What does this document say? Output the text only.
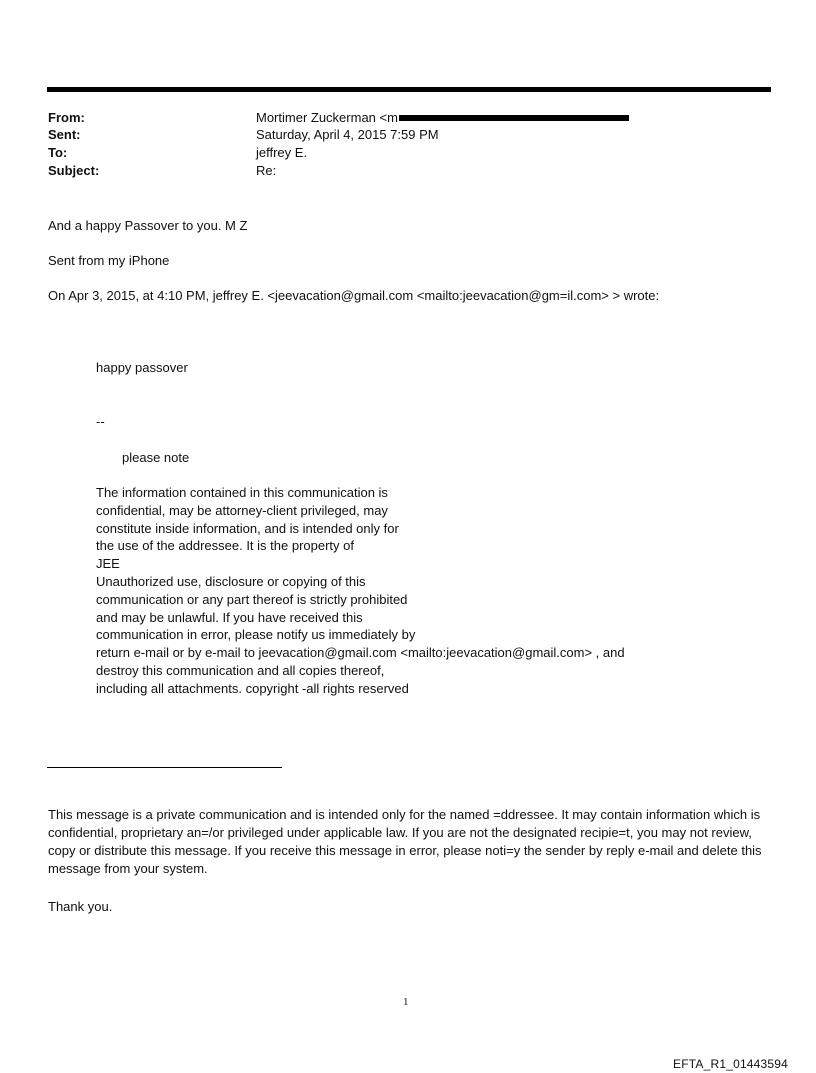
From:	Mortimer Zuckerman <m
Sent:	Saturday, April 4, 2015 7:59 PM
To:	jeffrey E.
Subject:	Re:
And a happy Passover to you. M Z
Sent from my iPhone
On Apr 3, 2015, at 4:10 PM, jeffrey E. <jeevacation@gmail.com <mailto:jeevacation@gm=il.com> > wrote:
happy passover
--
please note
The information contained in this communication is
confidential, may be attorney-client privileged, may
constitute inside information, and is intended only for
the use of the addressee. It is the property of
JEE
Unauthorized use, disclosure or copying of this
communication or any part thereof is strictly prohibited
and may be unlawful. If you have received this
communication in error, please notify us immediately by
return e-mail or by e-mail to jeevacation@gmail.com <mailto:jeevacation@gmail.com> , and
destroy this communication and all copies thereof,
including all attachments. copyright -all rights reserved
This message is a private communication and is intended only for the named =ddressee. It may contain information which is confidential, proprietary an=/or privileged under applicable law. If you are not the designated recipie=t, you may not review, copy or distribute this message. If you receive this message in error, please noti=y the sender by reply e-mail and delete this message from your system.
Thank you.
1
EFTA_R1_01443594
